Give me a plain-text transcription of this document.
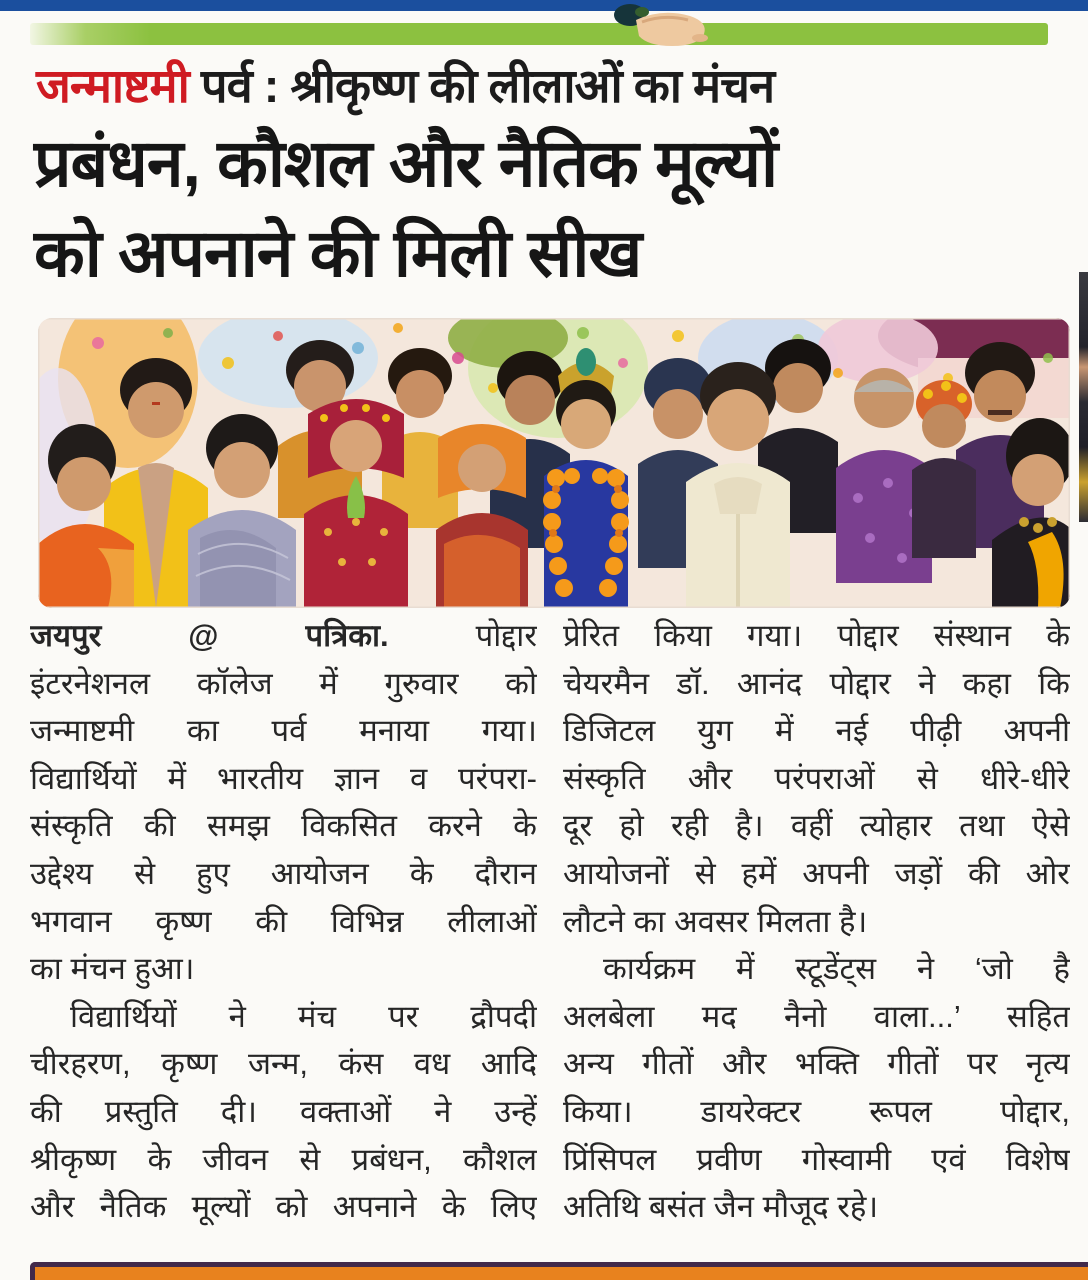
जन्माष्टमी पर्व : श्रीकृष्ण की लीलाओं का मंचन
प्रबंधन, कौशल और नैतिक मूल्यों
को अपनाने की मिली सीख
जयपुर @ पत्रिका. पोद्दार
इंटरनेशनल कॉलेज में गुरुवार को
जन्माष्टमी का पर्व मनाया गया।
विद्यार्थियों में भारतीय ज्ञान व परंपरा-
संस्कृति की समझ विकसित करने के
उद्देश्य से हुए आयोजन के दौरान
भगवान कृष्ण की विभिन्न लीलाओं
का मंचन हुआ।
विद्यार्थियों ने मंच पर द्रौपदी
चीरहरण, कृष्ण जन्म, कंस वध आदि
की प्रस्तुति दी। वक्ताओं ने उन्हें
श्रीकृष्ण के जीवन से प्रबंधन, कौशल
और नैतिक मूल्यों को अपनाने के लिए
प्रेरित किया गया। पोद्दार संस्थान के
चेयरमैन डॉ. आनंद पोद्दार ने कहा कि
डिजिटल युग में नई पीढ़ी अपनी
संस्कृति और परंपराओं से धीरे-धीरे
दूर हो रही है। वहीं त्योहार तथा ऐसे
आयोजनों से हमें अपनी जड़ों की ओर
लौटने का अवसर मिलता है।
कार्यक्रम में स्टूडेंट्स ने ‘जो है
अलबेला मद नैनो वाला...’ सहित
अन्य गीतों और भक्ति गीतों पर नृत्य
किया। डायरेक्टर रूपल पोद्दार,
प्रिंसिपल प्रवीण गोस्वामी एवं विशेष
अतिथि बसंत जैन मौजूद रहे।
